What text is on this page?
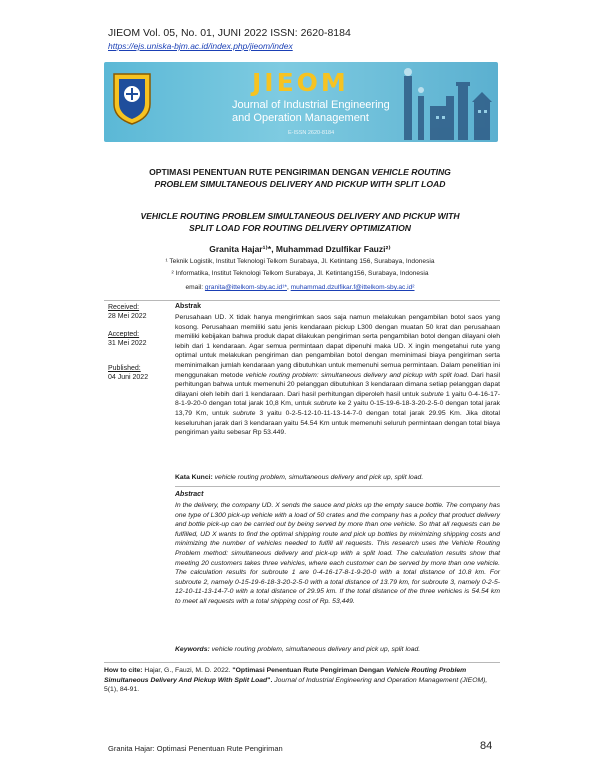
JIEOM Vol. 05, No. 01, JUNI 2022 ISSN: 2620-8184
https://ejs.uniska-bjm.ac.id/index.php/jieom/index
JIEOM
Journal of Industrial Engineering
and Operation Management
E-ISSN 2620-8184
OPTIMASI PENENTUAN RUTE PENGIRIMAN DENGAN VEHICLE ROUTING
PROBLEM SIMULTANEOUS DELIVERY AND PICKUP WITH SPLIT LOAD
VEHICLE ROUTING PROBLEM SIMULTANEOUS DELIVERY AND PICKUP WITH
SPLIT LOAD FOR ROUTING DELIVERY OPTIMIZATION
Granita Hajar¹⁾*, Muhammad Dzulfikar Fauzi²⁾
¹ Teknik Logistik, Institut Teknologi Telkom Surabaya, Jl. Ketintang 156, Surabaya, Indonesia
² Informatika, Institut Teknologi Telkom Surabaya, Jl. Ketintang156, Surabaya, Indonesia
email: granita@ittelkom-sby.ac.id¹*, muhammad.dzulfikar.f@ittelkom-sby.ac.id²
Received:
28 Mei 2022
Accepted:
31 Mei 2022
Published:
04 Juni 2022
Abstrak
Perusahaan UD. X tidak hanya mengirimkan saos saja namun melakukan pengambilan botol saos yang kosong. Perusahaan memiliki satu jenis kendaraan pickup L300 dengan muatan 50 krat dan perusahaan memiliki kebijakan bahwa produk dapat dilakukan pengiriman serta pengambilan botol dengan dilayani oleh lebih dari 1 kendaraan. Agar semua permintaan dapat dipenuhi maka UD. X ingin mengetahui rute yang optimal untuk melakukan pengiriman dan pengambilan botol dengan meminimasi biaya pengiriman serta meminimalkan jumlah kendaraan yang dibutuhkan untuk memenuhi semua permintaan. Dalam penelitian ini menggunakan metode vehicle routing problem: simultaneous delivery and pickup with split load. Dari hasil perhitungan bahwa untuk memenuhi 20 pelanggan dibutuhkan 3 kendaraan dimana setiap pelanggan dapat dilayani oleh lebih dari 1 kendaraan. Dari hasil perhitungan diperoleh hasil untuk subrute 1 yaitu 0-4-16-17-8-1-9-20-0 dengan total jarak 10,8 Km, untuk subrute ke 2 yaitu 0-15-19-6-18-3-20-2-5-0 dengan total jarak 13,79 Km, untuk subrute 3 yaitu 0-2-5-12-10-11-13-14-7-0 dengan total jarak 29.95 Km. Jika ditotal keseluruhan jarak dari 3 kendaraan yaitu 54.54 Km untuk memenuhi seluruh permintaan dengan total biaya pengiriman yaitu sebesar Rp 53.449.
Kata Kunci: vehicle routing problem, simultaneous delivery and pick up, split load.
Abstract
In the delivery, the company UD. X sends the sauce and picks up the empty sauce bottle. The company has one type of L300 pick-up vehicle with a load of 50 crates and the company has a policy that product delivery and bottle pick-up can be carried out by being served by more than one vehicle. So that all requests can be fulfilled, UD X wants to find the optimal shipping route and pick up bottles by minimizing shipping costs and minimizing the number of vehicles needed to fulfill all requests. This research uses the Vehicle Routing Problem method: simultaneous delivery and pick-up with a split load. The calculation results show that meeting 20 customers takes three vehicles, where each customer can be served by more than one vehicle. The calculation results for subroute 1 are 0-4-16-17-8-1-9-20-0 with a total distance of 10.8 km. For subroute 2, namely 0-15-19-6-18-3-20-2-5-0 with a total distance of 13.79 km, for subroute 3, namely 0-2-5-12-10-11-13-14-7-0 with a total distance of 29.95 km. If the total distance of the three vehicles is 54.54 km to meet all requests with a total shipping cost of Rp. 53,449.
Keywords: vehicle routing problem, simultaneous delivery and pick up, split load.
How to cite: Hajar, G., Fauzi, M. D. 2022. "Optimasi Penentuan Rute Pengiriman Dengan Vehicle Routing Problem Simultaneous Delivery And Pickup With Split Load". Journal of Industrial Engineering and Operation Management (JIEOM), 5(1), 84-91.
Granita Hajar: Optimasi Penentuan Rute Pengiriman	84
